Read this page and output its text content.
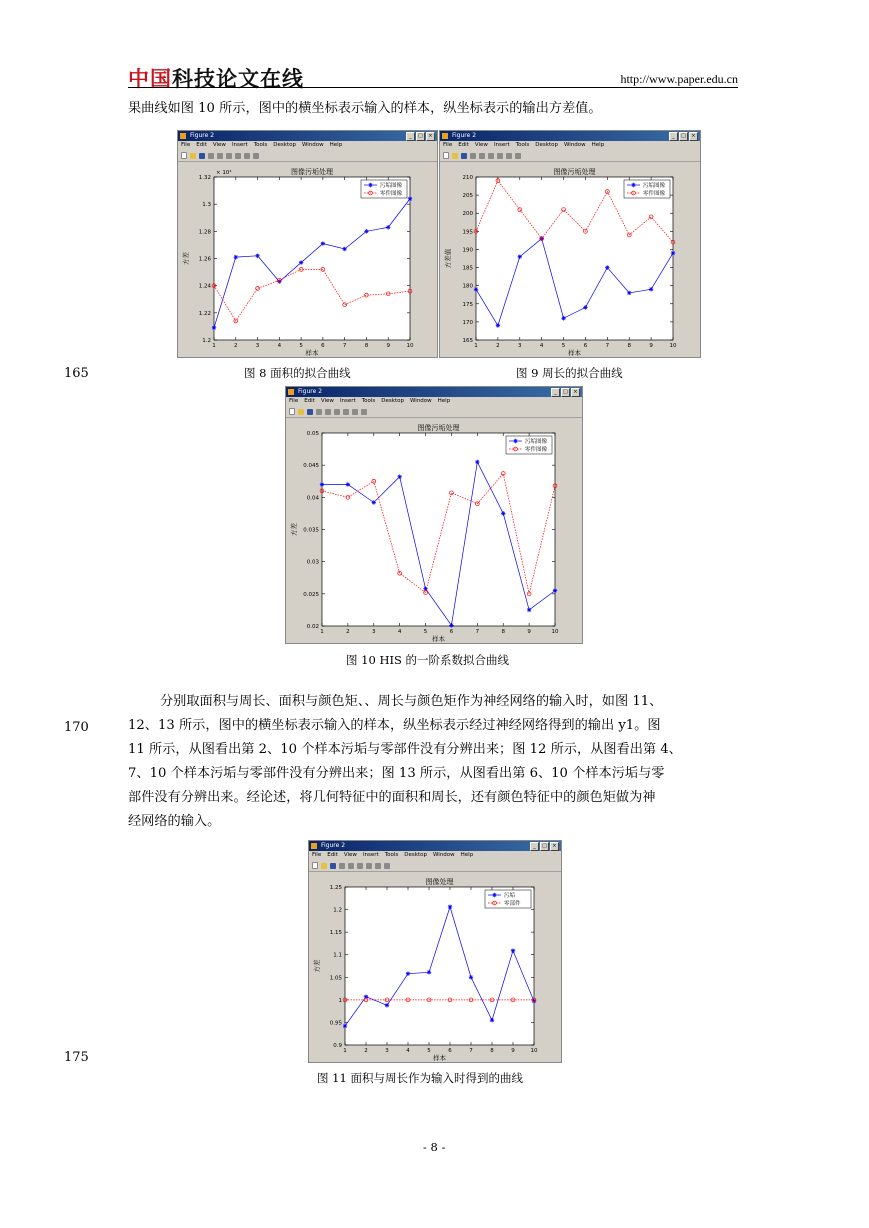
中国科技论文在线	http://www.paper.edu.cn
果曲线如图 10 所示，图中的横坐标表示输入的样本，纵坐标表示的输出方差值。
Figure 2	_	□	×
File Edit View Insert Tools Desktop Window Help
1.2
1.22
1.24
1.26
1.28
1.3
1.32
1	2	3	4	5	6	7	8	9	10
图像污垢处理
样本
方差
× 10⁴
污垢图像
零件图像
Figure 2	_	□	×
File Edit View Insert Tools Desktop Window Help
165
170
175
180
185
190
195
200
205
210
1	2	3	4	5	6	7	8	9	10
图像污垢处理
样本
方差值
污垢图像
零件图像
165	图 8 面积的拟合曲线	图 9 周长的拟合曲线
Figure 2	_	□	×
File Edit View Insert Tools Desktop Window Help
0.02
0.025
0.03
0.035
0.04
0.045
0.05
1	2	3	4	5	6	7	8	9	10
图像污垢处理
样本
方差
污垢图像
零件图像
图 10 HIS 的一阶系数拟合曲线
分别取面积与周长、面积与颜色矩、、周长与颜色矩作为神经网络的输入时，如图 11、
170	12、13 所示，图中的横坐标表示输入的样本，纵坐标表示经过神经网络得到的输出 y1。图
11 所示，从图看出第 2、10 个样本污垢与零部件没有分辨出来；图 12 所示，从图看出第 4、
7、10 个样本污垢与零部件没有分辨出来；图 13 所示，从图看出第 6、10 个样本污垢与零
部件没有分辨出来。经论述，将几何特征中的面积和周长，还有颜色特征中的颜色矩做为神
经网络的输入。
Figure 2	_	□	×
File Edit View Insert Tools Desktop Window Help
0.9
0.95
1
1.05
1.1
1.15
1.2
1.25
1	2	3	4	5	6	7	8	9	10
图像处理
样本
方差
污垢
零部件
175
图 11 面积与周长作为输入时得到的曲线
- 8 -
